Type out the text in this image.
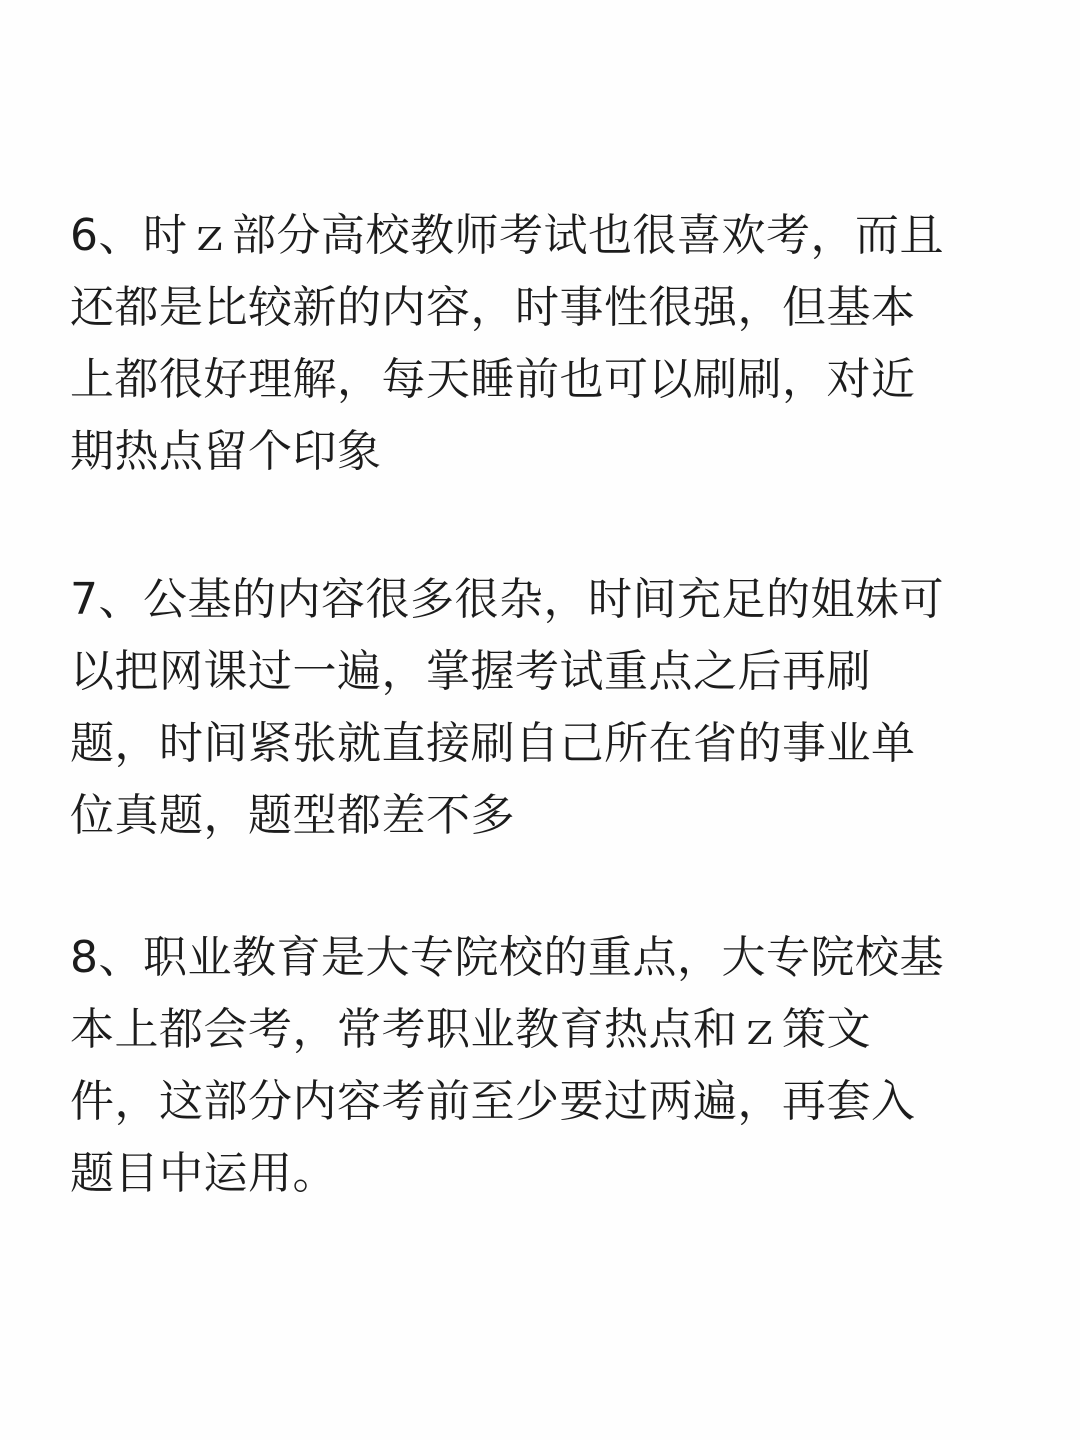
6、时ｚ部分高校教师考试也很喜欢考，而且
还都是比较新的内容，时事性很强，但基本
上都很好理解，每天睡前也可以刷刷，对近
期热点留个印象

7、公基的内容很多很杂，时间充足的姐妹可
以把网课过一遍，掌握考试重点之后再刷
题，时间紧张就直接刷自己所在省的事业单
位真题，题型都差不多

8、职业教育是大专院校的重点，大专院校基
本上都会考，常考职业教育热点和ｚ策文
件，这部分内容考前至少要过两遍，再套入
题目中运用。
